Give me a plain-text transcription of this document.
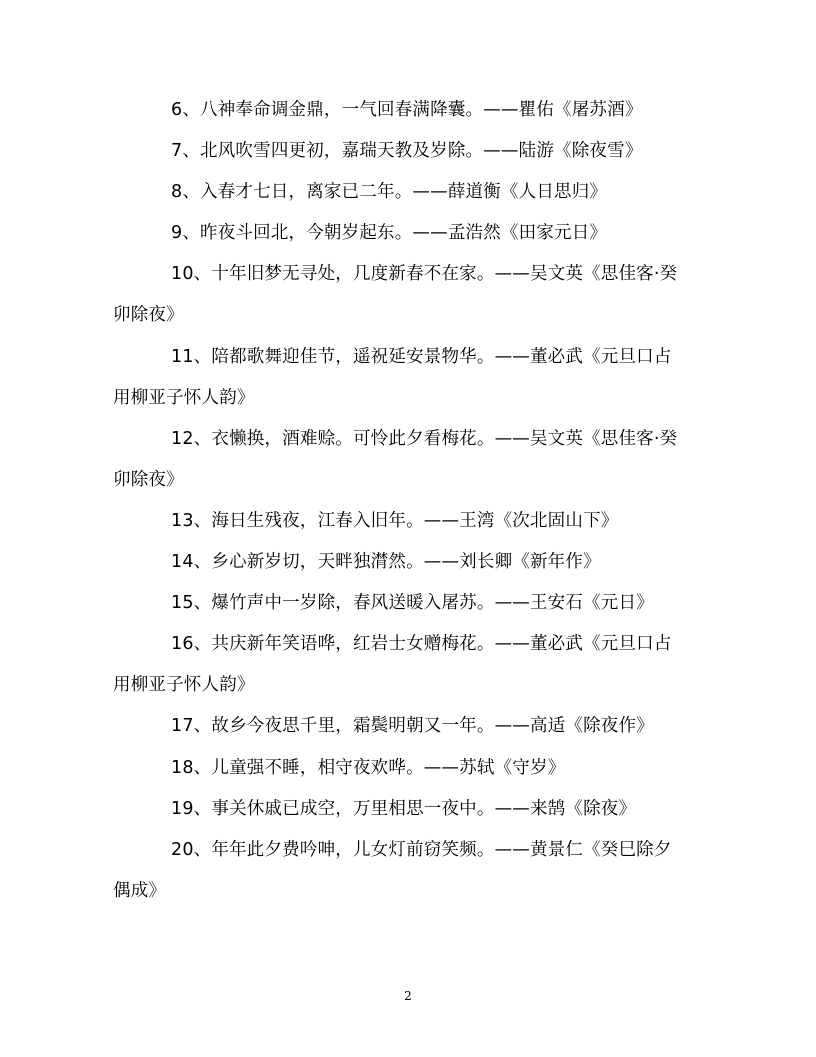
6、八神奉命调金鼎，一气回春满降囊。——瞿佑《屠苏酒》
7、北风吹雪四更初，嘉瑞天教及岁除。——陆游《除夜雪》
8、入春才七日，离家已二年。——薛道衡《人日思归》
9、昨夜斗回北，今朝岁起东。——孟浩然《田家元日》
10、十年旧梦无寻处，几度新春不在家。——吴文英《思佳客·癸
卯除夜》
11、陪都歌舞迎佳节，遥祝延安景物华。——董必武《元旦口占
用柳亚子怀人韵》
12、衣懒换，酒难赊。可怜此夕看梅花。——吴文英《思佳客·癸
卯除夜》
13、海日生残夜，江春入旧年。——王湾《次北固山下》
14、乡心新岁切，天畔独潸然。——刘长卿《新年作》
15、爆竹声中一岁除，春风送暖入屠苏。——王安石《元日》
16、共庆新年笑语哗，红岩士女赠梅花。——董必武《元旦口占
用柳亚子怀人韵》
17、故乡今夜思千里，霜鬓明朝又一年。——高适《除夜作》
18、儿童强不睡，相守夜欢哗。——苏轼《守岁》
19、事关休戚已成空，万里相思一夜中。——来鹄《除夜》
20、年年此夕费吟呻，儿女灯前窃笑频。——黄景仁《癸巳除夕
偶成》
2
